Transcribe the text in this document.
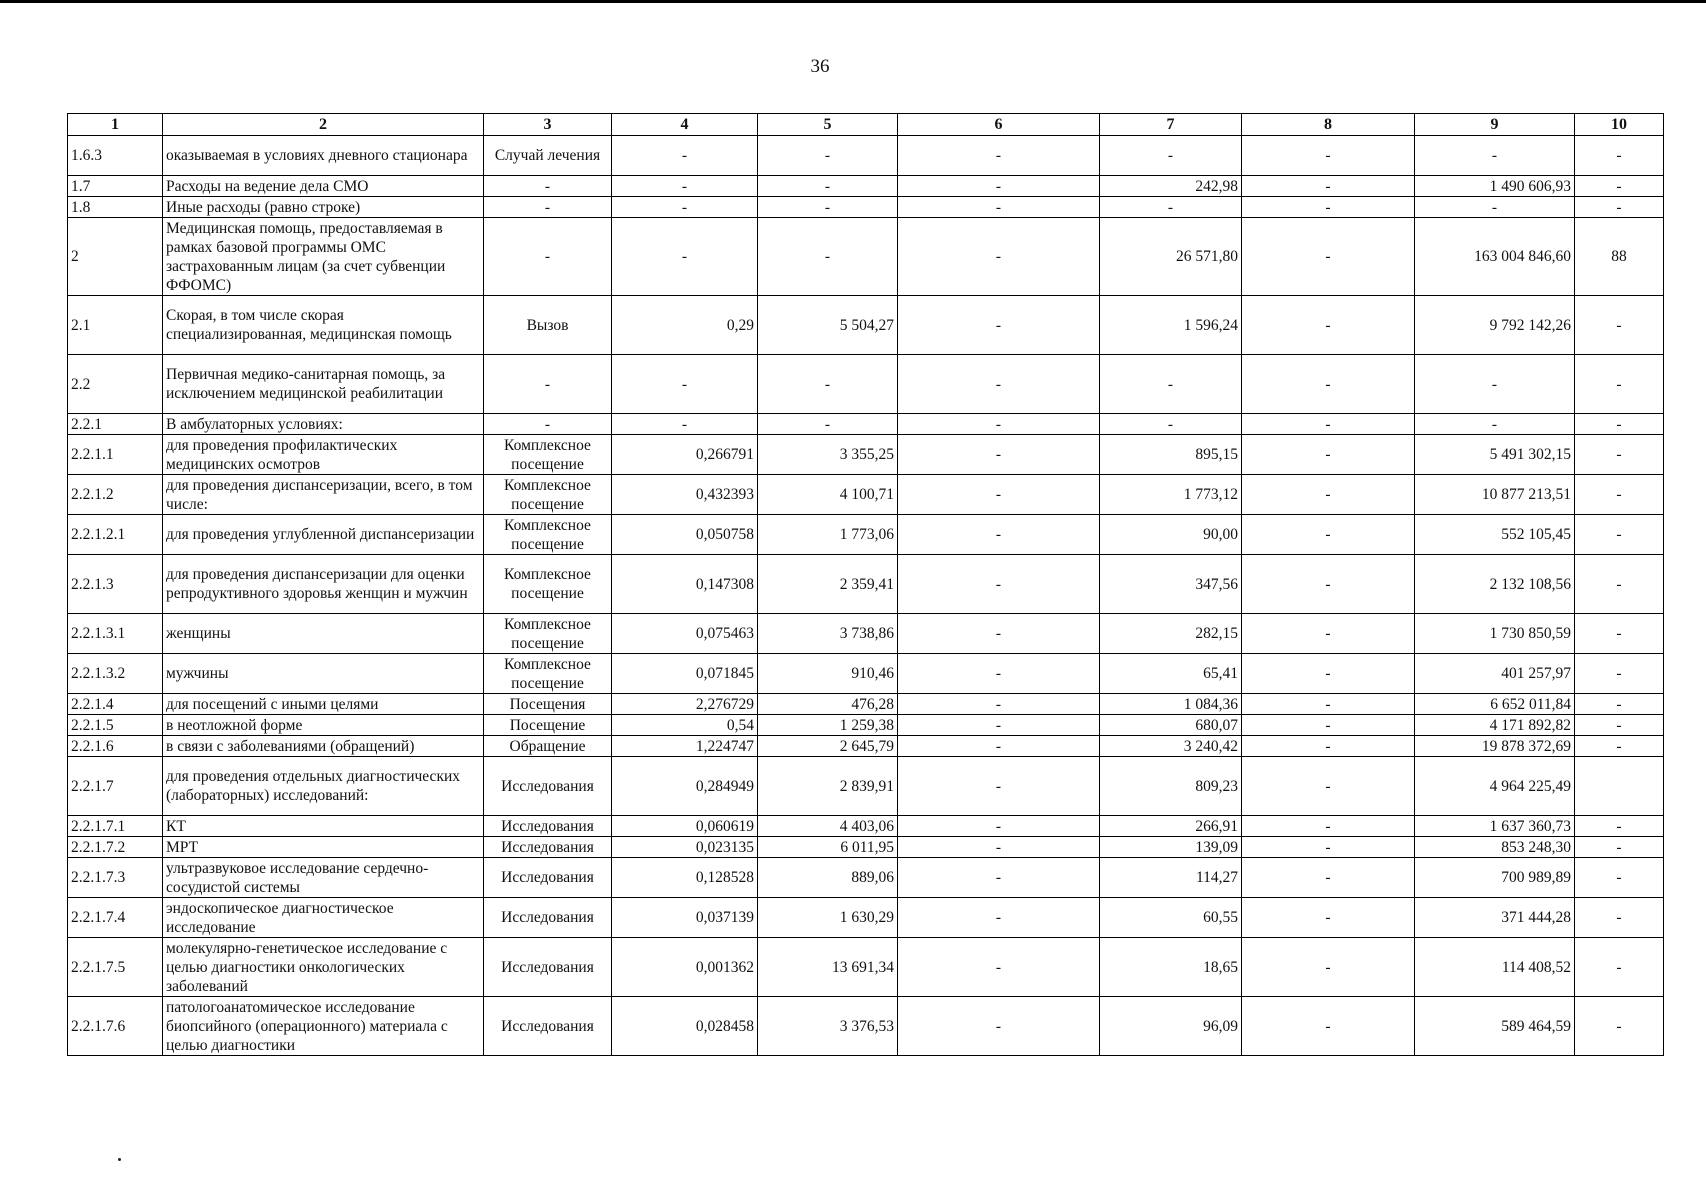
36
1	2	3	4	5	6	7	8	9	10
1.6.3	оказываемая в условиях дневного стационара	Случай лечения	-	-	-	-	-	-	-
1.7	Расходы на ведение дела СМО	-	-	-	-	242,98	-	1 490 606,93	-
1.8	Иные расходы (равно строке)	-	-	-	-	-	-	-	-
2	Медицинская помощь, предоставляемая в рамках базовой программы ОМС застрахованным лицам (за счет субвенции ФФОМС)	-	-	-	-	26 571,80	-	163 004 846,60	88
2.1	Скорая, в том числе скорая специализированная, медицинская помощь	Вызов	0,29	5 504,27	-	1 596,24	-	9 792 142,26	-
2.2	Первичная медико-санитарная помощь, за исключением медицинской реабилитации	-	-	-	-	-	-	-	-
2.2.1	В амбулаторных условиях:	-	-	-	-	-	-	-	-
2.2.1.1	для проведения профилактических медицинских осмотров	Комплексное посещение	0,266791	3 355,25	-	895,15	-	5 491 302,15	-
2.2.1.2	для проведения диспансеризации, всего, в том числе:	Комплексное посещение	0,432393	4 100,71	-	1 773,12	-	10 877 213,51	-
2.2.1.2.1	для проведения углубленной диспансеризации	Комплексное посещение	0,050758	1 773,06	-	90,00	-	552 105,45	-
2.2.1.3	для проведения диспансеризации для оценки репродуктивного здоровья женщин и мужчин	Комплексное посещение	0,147308	2 359,41	-	347,56	-	2 132 108,56	-
2.2.1.3.1	женщины	Комплексное посещение	0,075463	3 738,86	-	282,15	-	1 730 850,59	-
2.2.1.3.2	мужчины	Комплексное посещение	0,071845	910,46	-	65,41	-	401 257,97	-
2.2.1.4	для посещений с иными целями	Посещения	2,276729	476,28	-	1 084,36	-	6 652 011,84	-
2.2.1.5	в неотложной форме	Посещение	0,54	1 259,38	-	680,07	-	4 171 892,82	-
2.2.1.6	в связи с заболеваниями (обращений)	Обращение	1,224747	2 645,79	-	3 240,42	-	19 878 372,69	-
2.2.1.7	для проведения отдельных диагностических (лабораторных) исследований:	Исследования	0,284949	2 839,91	-	809,23	-	4 964 225,49	
2.2.1.7.1	КТ	Исследования	0,060619	4 403,06	-	266,91	-	1 637 360,73	-
2.2.1.7.2	МРТ	Исследования	0,023135	6 011,95	-	139,09	-	853 248,30	-
2.2.1.7.3	ультразвуковое исследование сердечно-сосудистой системы	Исследования	0,128528	889,06	-	114,27	-	700 989,89	-
2.2.1.7.4	эндоскопическое диагностическое исследование	Исследования	0,037139	1 630,29	-	60,55	-	371 444,28	-
2.2.1.7.5	молекулярно-генетическое исследование с целью диагностики онкологических заболеваний	Исследования	0,001362	13 691,34	-	18,65	-	114 408,52	-
2.2.1.7.6	патологоанатомическое исследование биопсийного (операционного) материала с целью диагностики	Исследования	0,028458	3 376,53	-	96,09	-	589 464,59	-
